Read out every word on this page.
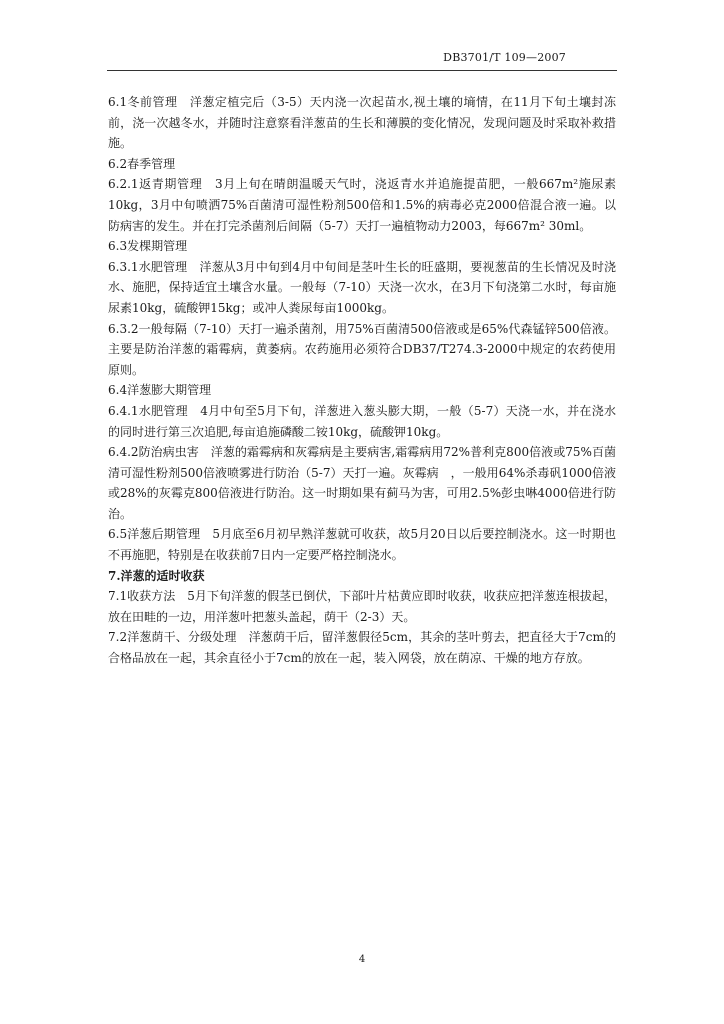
DB3701/T 109—2007

6.1冬前管理　洋葱定植完后（3-5）天内浇一次起苗水,视土壤的墒情，在11月下旬土壤封冻前，浇一次越冬水，并随时注意察看洋葱苗的生长和薄膜的变化情况，发现问题及时采取补救措施。

6.2春季管理

6.2.1返青期管理　3月上旬在晴朗温暖天气时，浇返青水并追施提苗肥，一般667m²施尿素10kg，3月中旬喷洒75%百菌清可湿性粉剂500倍和1.5%的病毒必克2000倍混合液一遍。以防病害的发生。并在打完杀菌剂后间隔（5-7）天打一遍植物动力2003，每667m² 30ml。

6.3发棵期管理

6.3.1水肥管理　洋葱从3月中旬到4月中旬间是茎叶生长的旺盛期，要视葱苗的生长情况及时浇水、施肥，保持适宜土壤含水量。一般每（7-10）天浇一次水，在3月下旬浇第二水时，每亩施尿素10kg，硫酸钾15kg；或冲人粪尿每亩1000kg。

6.3.2一般每隔（7-10）天打一遍杀菌剂，用75%百菌清500倍液或是65%代森锰锌500倍液。主要是防治洋葱的霜霉病，黄萎病。农药施用必须符合DB37/T274.3-2000中规定的农药使用原则。

6.4洋葱膨大期管理

6.4.1水肥管理　4月中旬至5月下旬，洋葱进入葱头膨大期，一般（5-7）天浇一水，并在浇水的同时进行第三次追肥,每亩追施磷酸二铵10kg，硫酸钾10kg。

6.4.2防治病虫害　洋葱的霜霉病和灰霉病是主要病害,霜霉病用72%普利克800倍液或75%百菌清可湿性粉剂500倍液喷雾进行防治（5-7）天打一遍。灰霉病　，一般用64%杀毒矾1000倍液或28%的灰霉克800倍液进行防治。这一时期如果有蓟马为害，可用2.5%彭虫啉4000倍进行防治。

6.5洋葱后期管理　5月底至6月初早熟洋葱就可收获，故5月20日以后要控制浇水。这一时期也不再施肥，特别是在收获前7日内一定要严格控制浇水。

7.洋葱的适时收获

7.1收获方法　5月下旬洋葱的假茎已倒伏，下部叶片枯黄应即时收获，收获应把洋葱连根拔起，放在田畦的一边，用洋葱叶把葱头盖起，荫干（2-3）天。

7.2洋葱荫干、分级处理　洋葱荫干后，留洋葱假径5cm，其余的茎叶剪去，把直径大于7cm的合格品放在一起，其余直径小于7cm的放在一起，装入网袋，放在荫凉、干燥的地方存放。

4
